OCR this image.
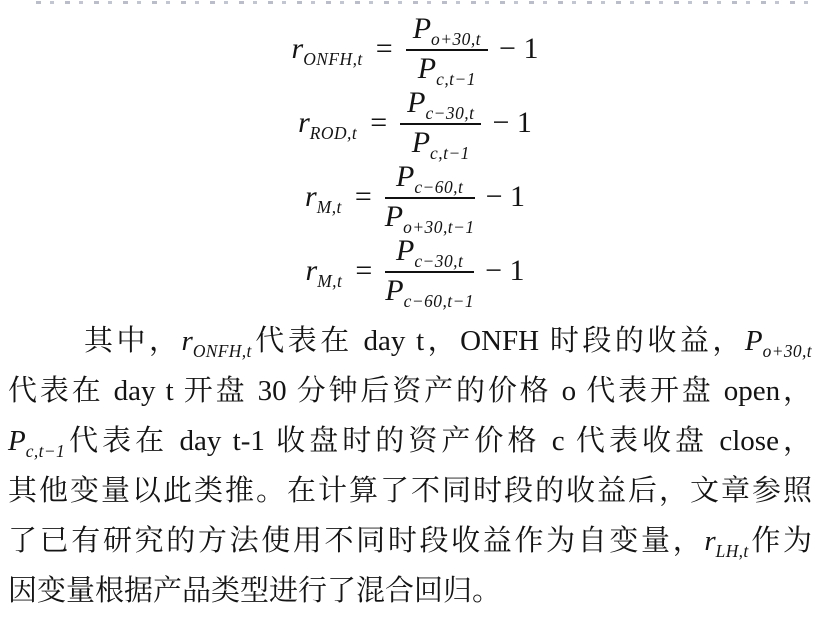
$r_{ONFH,t} = \frac{P_{o+30,t}}{P_{c,t-1}} - 1$
$r_{ROD,t} = \frac{P_{c-30,t}}{P_{c,t-1}} - 1$
$r_{M,t} = \frac{P_{c-60,t}}{P_{o+30,t-1}} - 1$
$r_{M,t} = \frac{P_{c-30,t}}{P_{c-60,t-1}} - 1$
其中，$r_{ONFH,t}$代表在 day t，ONFH 时段的收益，$P_{o+30,t}$
代表在 day t 开盘 30 分钟后资产的价格 o 代表开盘 open，
$P_{c,t-1}$代表在 day t-1 收盘时的资产价格 c 代表收盘 close，
其他变量以此类推。在计算了不同时段的收益后，文章参照
了已有研究的方法使用不同时段收益作为自变量，$r_{LH,t}$作为
因变量根据产品类型进行了混合回归。
